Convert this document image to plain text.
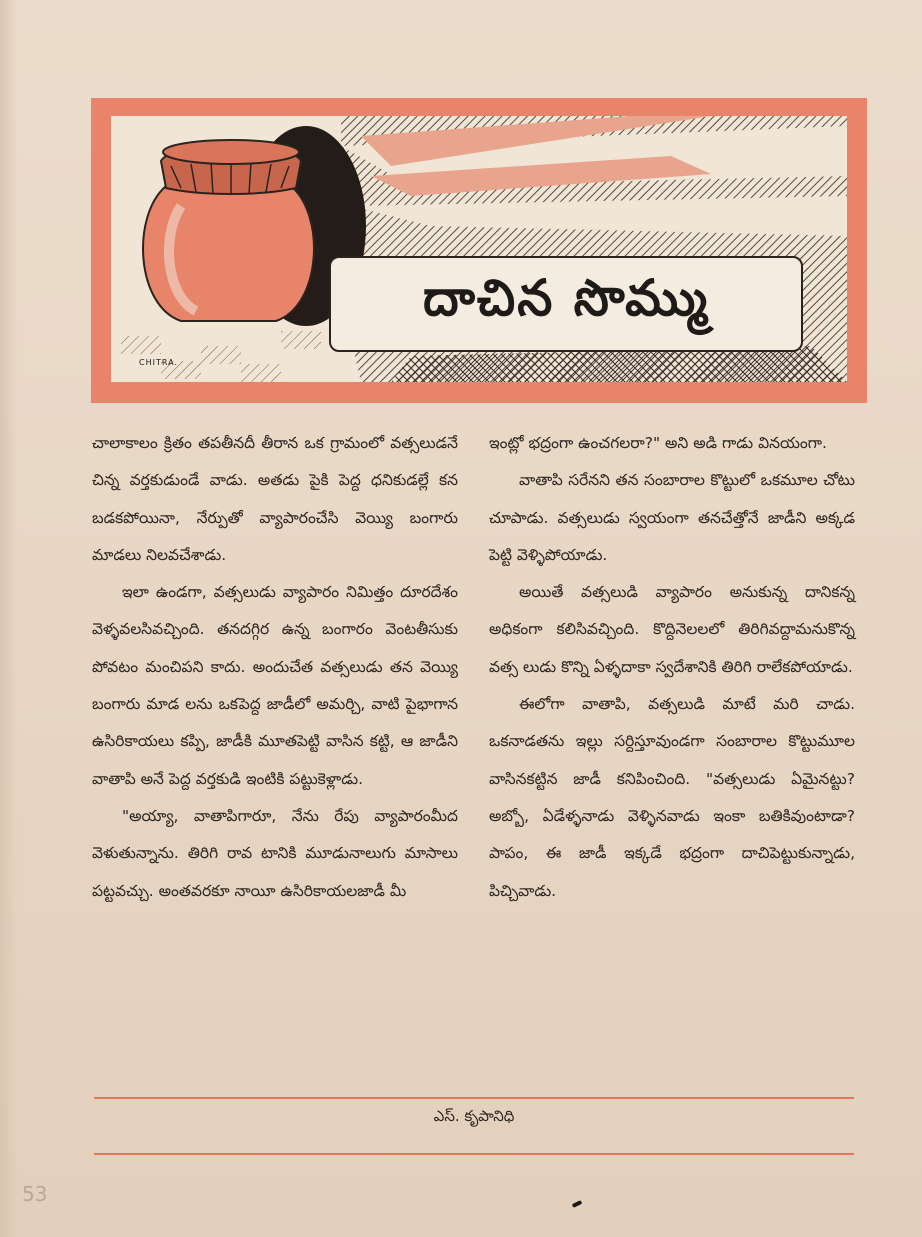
దాచిన సొమ్ము
CHITRA.

చాలాకాలం క్రితం తపతీనదీ తీరాన ఒక గ్రామంలో వత్సలుడనే చిన్న వర్తకుడుండే వాడు. అతడు పైకి పెద్ద ధనికుడల్లే కన బడకపోయినా, నేర్పుతో వ్యాపారంచేసి వెయ్యి బంగారు మాడలు నిలవచేశాడు.

ఇలా ఉండగా, వత్సలుడు వ్యాపారం నిమిత్తం దూరదేశం వెళ్ళవలసివచ్చింది. తనదగ్గిర ఉన్న బంగారం వెంటతీసుకు పోవటం మంచిపని కాదు. అందుచేత వత్సలుడు తన వెయ్యి బంగారు మాడ లను ఒకపెద్ద జాడీలో అమర్చి, వాటి పైభాగాన ఉసిరికాయలు కప్పి, జాడీకి మూతపెట్టి వాసిన కట్టి, ఆ జాడీని వాతాపి అనే పెద్ద వర్తకుడి ఇంటికి పట్టుకెళ్లాడు.

"అయ్యా, వాతాపిగారూ, నేను రేపు వ్యాపారంమీద వెళుతున్నాను. తిరిగి రావ టానికి మూడునాలుగు మాసాలు పట్టవచ్చు. అంతవరకూ నాయీ ఉసిరికాయలజాడీ మీ

ఇంట్లో భద్రంగా ఉంచగలరా?" అని అడి గాడు వినయంగా.

వాతాపి సరేనని తన సంబారాల కొట్టులో ఒకమూల చోటు చూపాడు. వత్సలుడు స్వయంగా తనచేత్తోనే జాడీని అక్కడ పెట్టి వెళ్ళిపోయాడు.

అయితే వత్సలుడి వ్యాపారం అనుకున్న దానికన్న అధికంగా కలిసివచ్చింది. కొద్దినెలలలో తిరిగివద్దామనుకొన్న వత్స లుడు కొన్ని ఏళ్ళదాకా స్వదేశానికి తిరిగి రాలేకపోయాడు.

ఈలోగా వాతాపి, వత్సలుడి మాటే మరి చాడు. ఒకనాడతను ఇల్లు సర్దిస్తూవుండగా సంబారాల కొట్టుమూల వాసినకట్టిన జాడీ కనిపించింది. "వత్సలుడు ఏమైనట్టు? అబ్బో, ఏడేళ్ళనాడు వెళ్ళినవాడు ఇంకా బతికివుంటాడా? పాపం, ఈ జాడీ ఇక్కడే భద్రంగా దాచిపెట్టుకున్నాడు, పిచ్చివాడు.

ఎస్. కృపానిధి
53
